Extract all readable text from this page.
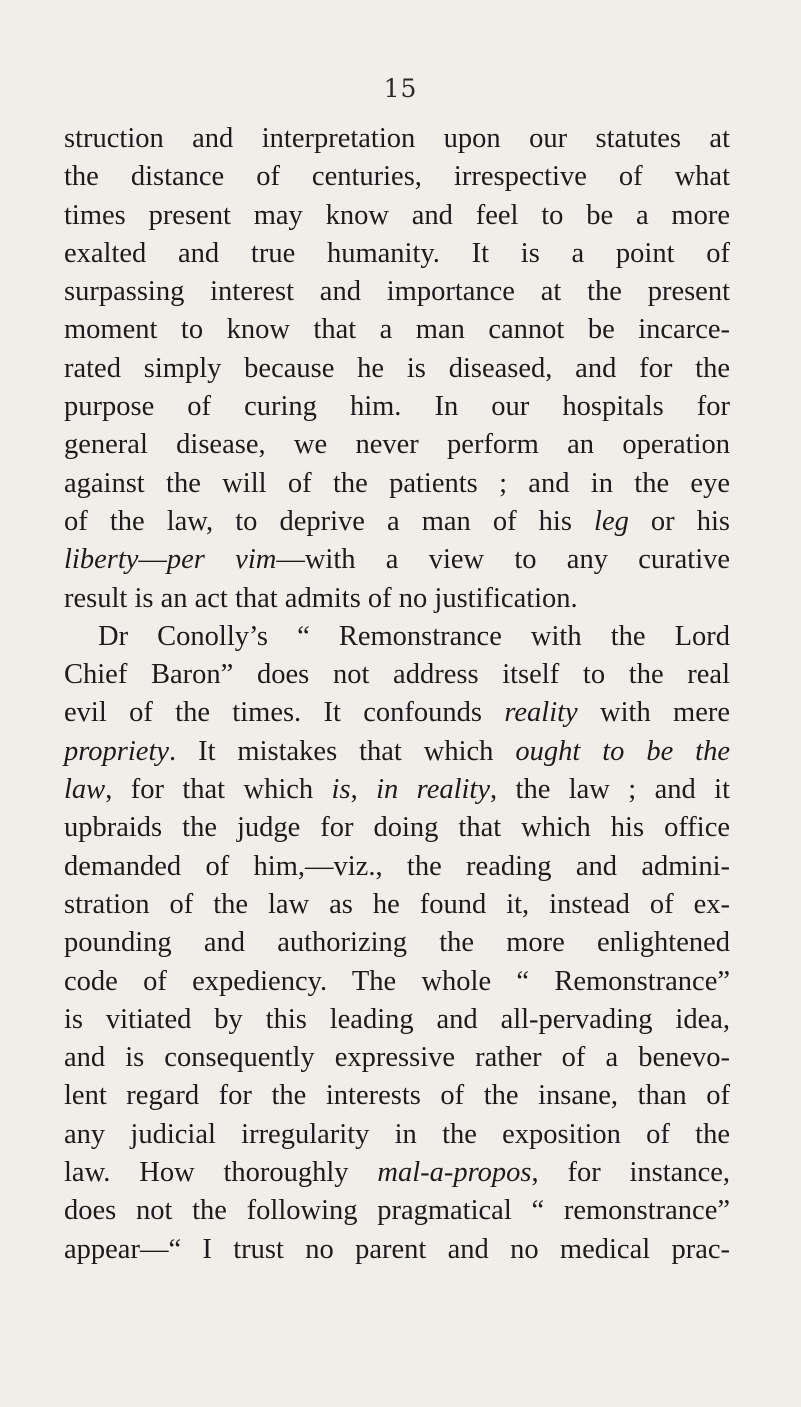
15
struction and interpretation upon our statutes at
the distance of centuries, irrespective of what
times present may know and feel to be a more
exalted and true humanity. It is a point of
surpassing interest and importance at the present
moment to know that a man cannot be incarce-
rated simply because he is diseased, and for the
purpose of curing him. In our hospitals for
general disease, we never perform an operation
against the will of the patients ; and in the eye
of the law, to deprive a man of his leg or his
liberty—per vim—with a view to any curative
result is an act that admits of no justification.
Dr Conolly’s “ Remonstrance with the Lord
Chief Baron” does not address itself to the real
evil of the times. It confounds reality with mere
propriety. It mistakes that which ought to be the
law, for that which is, in reality, the law ; and it
upbraids the judge for doing that which his office
demanded of him,—viz., the reading and admini-
stration of the law as he found it, instead of ex-
pounding and authorizing the more enlightened
code of expediency. The whole “ Remonstrance”
is vitiated by this leading and all-pervading idea,
and is consequently expressive rather of a benevo-
lent regard for the interests of the insane, than of
any judicial irregularity in the exposition of the
law. How thoroughly mal-a-propos, for instance,
does not the following pragmatical “ remonstrance”
appear—“ I trust no parent and no medical prac-
